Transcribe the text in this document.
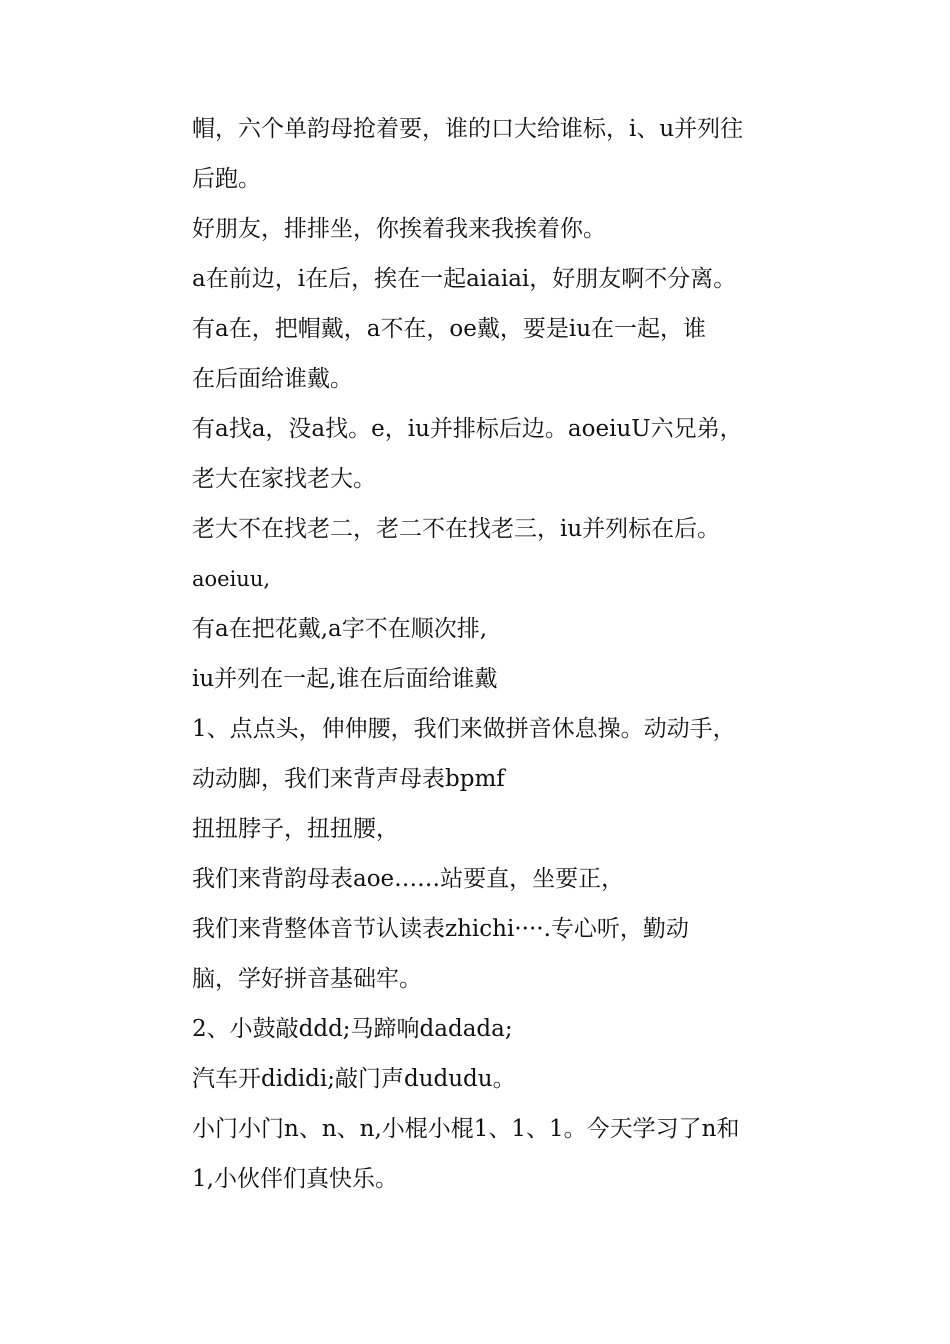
帽，六个单韵母抢着要，谁的口大给谁标，i、u并列往

后跑。

好朋友，排排坐，你挨着我来我挨着你。

a在前边，i在后，挨在一起aiaiai，好朋友啊不分离。

有a在，把帽戴，a不在，oe戴，要是iu在一起，谁

在后面给谁戴。

有a找a，没a找。e，iu并排标后边。aoeiuU六兄弟，

老大在家找老大。

老大不在找老二，老二不在找老三，iu并列标在后。

aoeiuu,

有a在把花戴,a字不在顺次排,

iu并列在一起,谁在后面给谁戴

1、点点头，伸伸腰，我们来做拼音休息操。动动手，

动动脚，我们来背声母表bpmf

扭扭脖子，扭扭腰，

我们来背韵母表aoe……站要直，坐要正，

我们来背整体音节认读表zhichi····.专心听，勤动

脑，学好拼音基础牢。

2、小鼓敲ddd;马蹄响dadada;

汽车开dididi;敲门声dududu。

小门小门n、n、n,小棍小棍1、1、1。今天学习了n和

1,小伙伴们真快乐。
